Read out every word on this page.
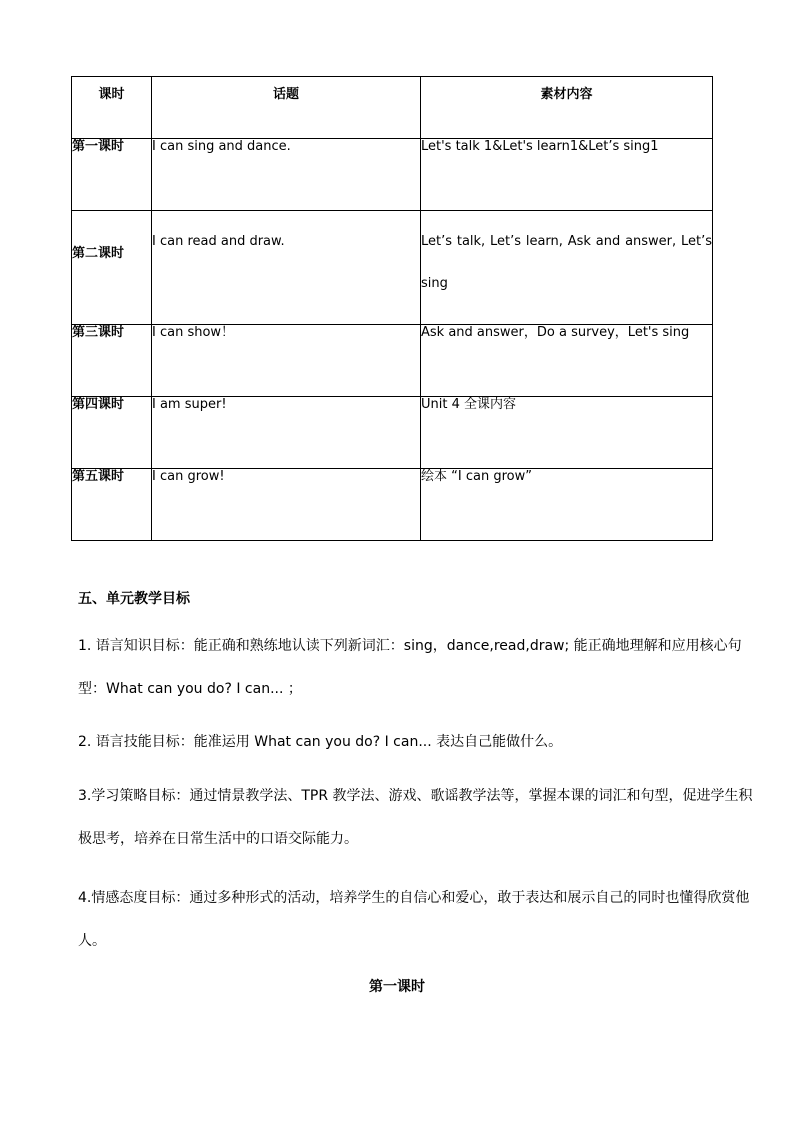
课时	话题	素材内容
第一课时	I can sing and dance.	Let's talk 1&Let's learn1&Let’s sing1
第二课时	I can read and draw.	Let’s talk, Let’s learn, Ask and answer, Let’s sing
第三课时	I can show！	Ask and answer，Do a survey，Let's sing
第四课时	I am super!	Unit 4 全课内容
第五课时	I can grow!	绘本 “I can grow”
五、单元教学目标
1. 语言知识目标：能正确和熟练地认读下列新词汇：sing，dance,read,draw; 能正确地理解和应用核心句型：What can you do? I can... ；
2. 语言技能目标：能准运用 What can you do? I can... 表达自己能做什么。
3.学习策略目标：通过情景教学法、TPR 教学法、游戏、歌谣教学法等，掌握本课的词汇和句型，促进学生积极思考，培养在日常生活中的口语交际能力。
4.情感态度目标：通过多种形式的活动，培养学生的自信心和爱心，敢于表达和展示自己的同时也懂得欣赏他人。
第一课时
